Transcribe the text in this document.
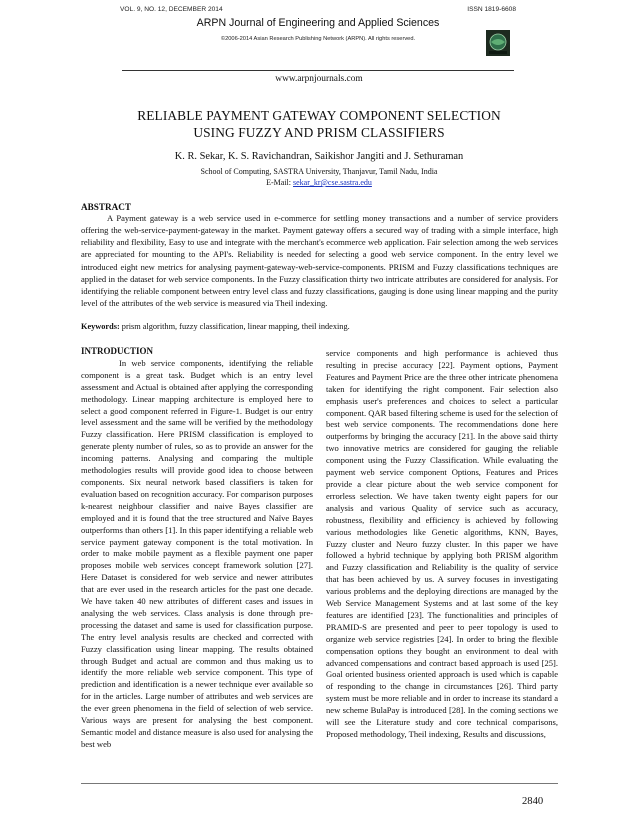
VOL. 9, NO. 12, DECEMBER 2014	ISSN 1819-6608
ARPN Journal of Engineering and Applied Sciences
©2006-2014 Asian Research Publishing Network (ARPN). All rights reserved.
www.arpnjournals.com
RELIABLE PAYMENT GATEWAY COMPONENT SELECTION
USING FUZZY AND PRISM CLASSIFIERS
K. R. Sekar, K. S. Ravichandran, Saikishor Jangiti and J. Sethuraman
School of Computing, SASTRA University, Thanjavur, Tamil Nadu, India
E-Mail: sekar_kr@cse.sastra.edu
ABSTRACT

A Payment gateway is a web service used in e-commerce for settling money transactions and a number of service providers offering the web-service-payment-gateway in the market. Payment gateway offers a secured way of trading with a simple interface, high reliability and flexibility, Easy to use and integrate with the merchant's ecommerce web application. Fair selection among the web services are appreciated for mounting to the API's. Reliability is needed for selecting a good web service component. In the entry level we introduced eight new metrics for analysing payment-gateway-web-service-components. PRISM and Fuzzy classifications techniques are applied in the dataset for web service components. In the Fuzzy classification thirty two intricate attributes are considered for analysis. For identifying the reliable component between entry level class and fuzzy classifications, gauging is done using linear mapping and the purity level of the attributes of the web service is measured via Theil indexing.

Keywords: prism algorithm, fuzzy classification, linear mapping, theil indexing.
INTRODUCTION

In web service components, identifying the reliable component is a great task. Budget which is an entry level assessment and Actual is obtained after applying the corresponding methodology. Linear mapping architecture is employed here to select a good component referred in Figure-1. Budget is our entry level assessment and the same will be verified by the methodology Fuzzy classification. Here PRISM classification is employed to generate plenty number of rules, so as to provide an answer for the incoming patterns. Analysing and comparing the multiple methodologies results will provide good idea to choose between components. Six neural network based classifiers is taken for evaluation based on recognition accuracy. For comparison purposes k-nearest neighbour classifier and naive Bayes classifier are employed and it is found that the tree structured and Naïve Bayes outperforms than others [1]. In this paper identifying a reliable web service payment gateway component is the total motivation. In order to make mobile payment as a flexible payment one paper proposes mobile web services concept framework solution [27]. Here Dataset is considered for web service and newer attributes that are ever used in the research articles for the past one decade. We have taken 40 new attributes of different cases and issues in analysing the web services. Class analysis is done through pre-processing the dataset and same is used for classification purpose. The entry level analysis results are checked and corrected with Fuzzy classification using linear mapping. The results obtained through Budget and actual are common and thus making us to identify the more reliable web service component. This type of prediction and identification is a newer technique ever available so for in the articles. Large number of attributes and web services are the ever green phenomena in the field of selection of web service. Various ways are present for analysing the best component. Semantic model and distance measure is also used for analysing the best web

service components and high performance is achieved thus resulting in precise accuracy [22]. Payment options, Payment Features and Payment Price are the three other intricate phenomena taken for identifying the right component. Fair selection also emphasis user's preferences and choices to select a particular component. QAR based filtering scheme is used for the selection of best web service components. The recommendations done here outperforms by bringing the accuracy [21]. In the above said thirty two innovative metrics are considered for gauging the reliable component using the Fuzzy Classification. While evaluating the payment web service component Options, Features and Prices provide a clear picture about the web service component for errorless selection. We have taken twenty eight papers for our analysis and various Quality of service such as accuracy, robustness, flexibility and efficiency is achieved by following various methodologies like Genetic algorithms, KNN, Bayes, Fuzzy cluster and Neuro fuzzy cluster. In this paper we have followed a hybrid technique by applying both PRISM algorithm and Fuzzy classification and Reliability is the quality of service that has been achieved by us. A survey focuses in investigating various problems and the deploying directions are managed by the Web Service Management Systems and at last some of the key features are identified [23]. The functionalities and principles of PRAMID-S are presented and peer to peer topology is used to organize web service registries [24]. In order to bring the flexible compensation options they bought an environment to deal with advanced compensations and contract based approach is used [25]. Goal oriented business oriented approach is used which is capable of responding to the change in circumstances [26]. Third party system must be more reliable and in order to increase its standard a new scheme BulaPay is introduced [28]. In the coming sections we will see the Literature study and core technical comparisons, Proposed methodology, Theil indexing, Results and discussions,

2840
